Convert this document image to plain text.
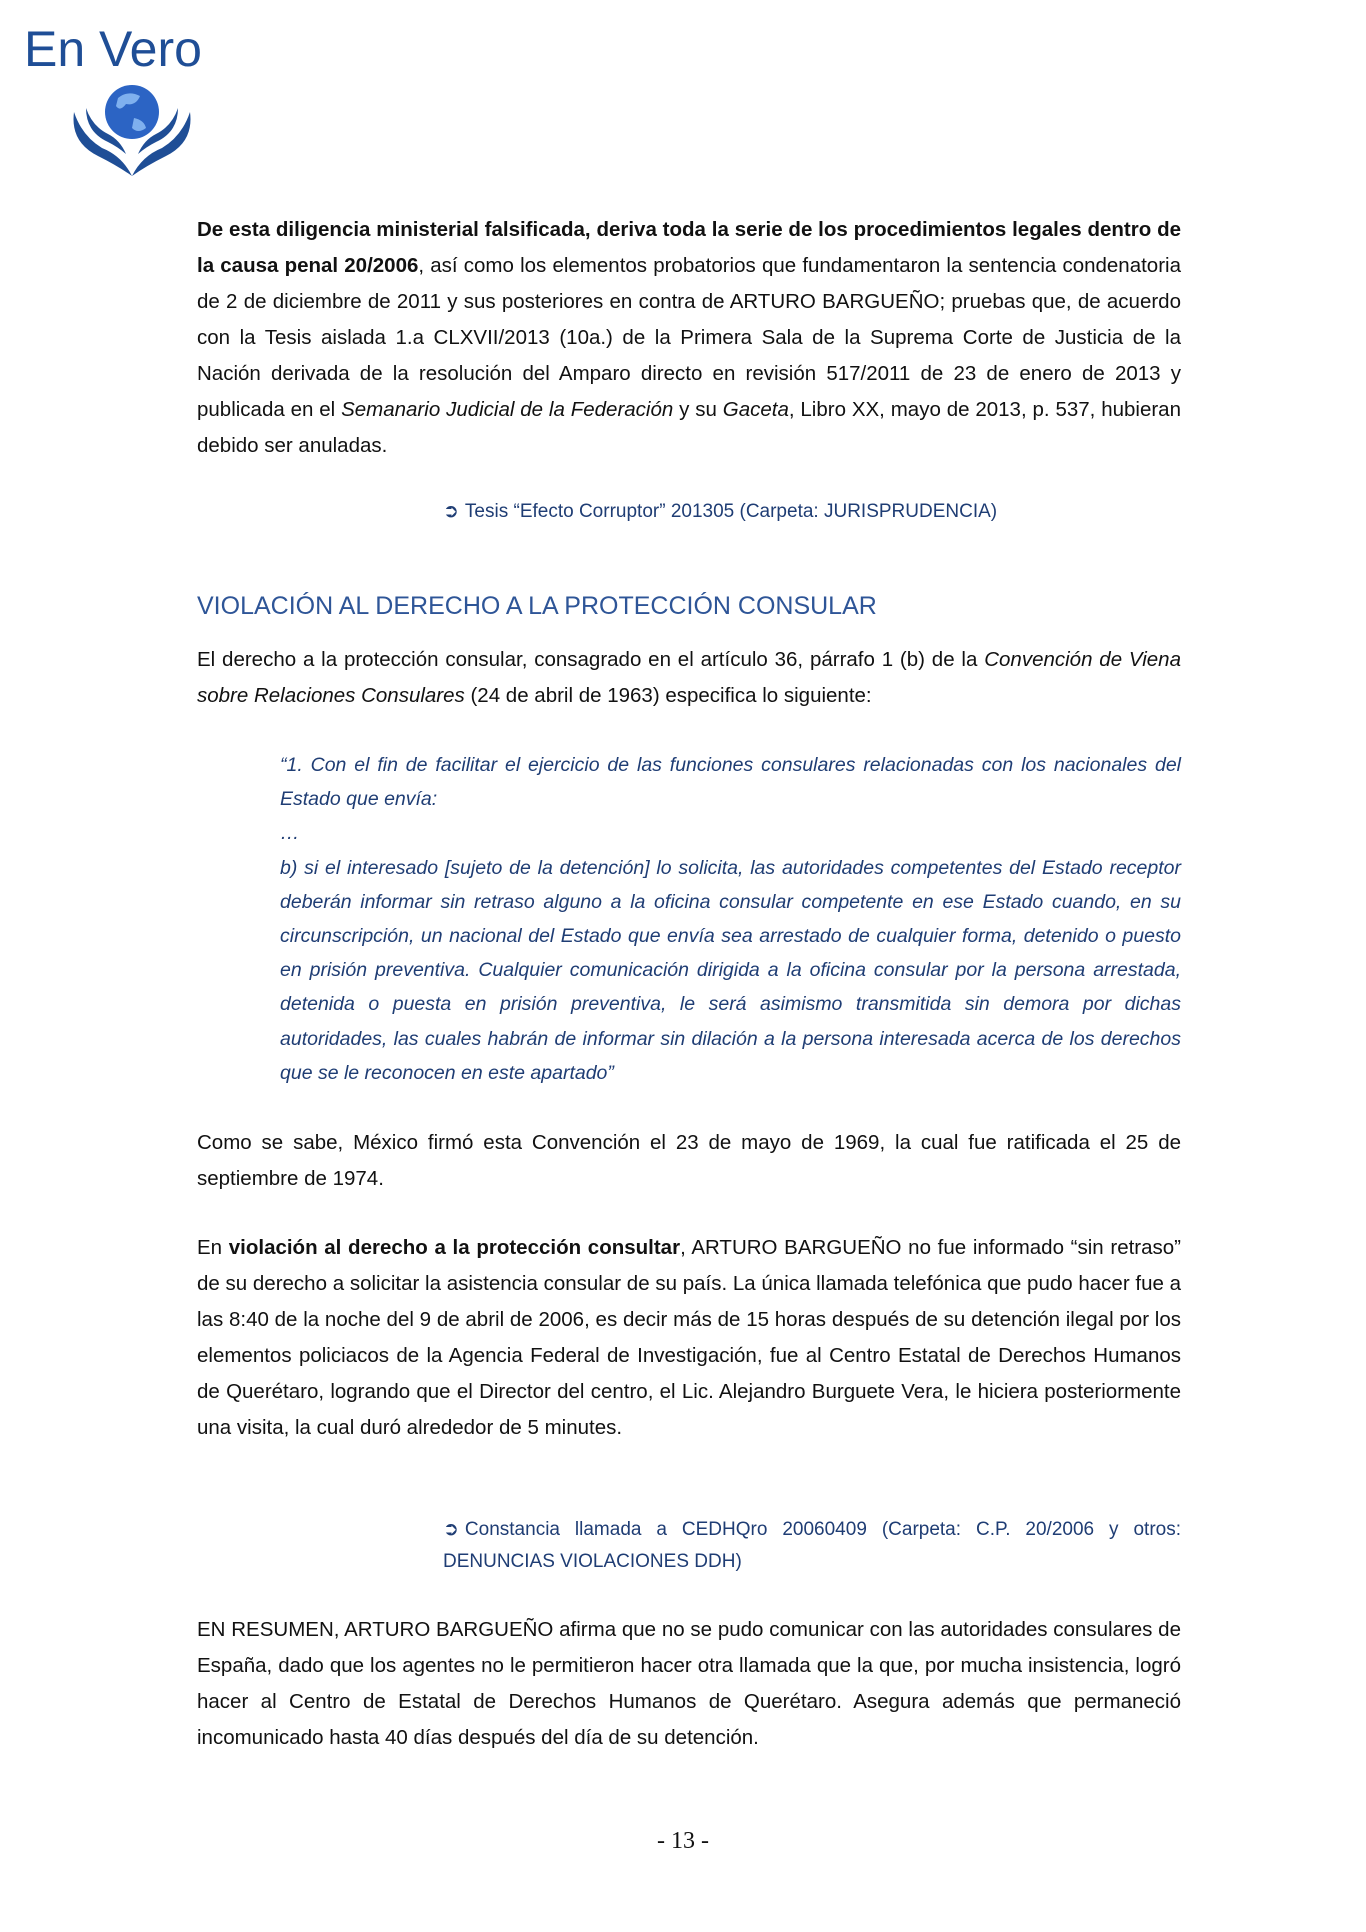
En Vero

De esta diligencia ministerial falsificada, deriva toda la serie de los procedimientos legales dentro de la causa penal 20/2006, así como los elementos probatorios que fundamentaron la sentencia condenatoria de 2 de diciembre de 2011 y sus posteriores en contra de ARTURO BARGUEÑO; pruebas que, de acuerdo con la Tesis aislada 1.a CLXVII/2013 (10a.) de la Primera Sala de la Suprema Corte de Justicia de la Nación derivada de la resolución del Amparo directo en revisión 517/2011 de 23 de enero de 2013 y publicada en el Semanario Judicial de la Federación y su Gaceta, Libro XX, mayo de 2013, p. 537, hubieran debido ser anuladas.

➲ Tesis “Efecto Corruptor” 201305 (Carpeta: JURISPRUDENCIA)
VIOLACIÓN AL DERECHO A LA PROTECCIÓN CONSULAR

El derecho a la protección consular, consagrado en el artículo 36, párrafo 1 (b) de la Convención de Viena sobre Relaciones Consulares (24 de abril de 1963) especifica lo siguiente:

“1. Con el fin de facilitar el ejercicio de las funciones consulares relacionadas con los nacionales del Estado que envía:

…

b) si el interesado [sujeto de la detención] lo solicita, las autoridades competentes del Estado receptor deberán informar sin retraso alguno a la oficina consular competente en ese Estado cuando, en su circunscripción, un nacional del Estado que envía sea arrestado de cualquier forma, detenido o puesto en prisión preventiva. Cualquier comunicación dirigida a la oficina consular por la persona arrestada, detenida o puesta en prisión preventiva, le será asimismo transmitida sin demora por dichas autoridades, las cuales habrán de informar sin dilación a la persona interesada acerca de los derechos que se le reconocen en este apartado”

Como se sabe, México firmó esta Convención el 23 de mayo de 1969, la cual fue ratificada el 25 de septiembre de 1974.

En violación al derecho a la protección consultar, ARTURO BARGUEÑO no fue informado “sin retraso” de su derecho a solicitar la asistencia consular de su país. La única llamada telefónica que pudo hacer fue a las 8:40 de la noche del 9 de abril de 2006, es decir más de 15 horas después de su detención ilegal por los elementos policiacos de la Agencia Federal de Investigación, fue al Centro Estatal de Derechos Humanos de Querétaro, logrando que el Director del centro, el Lic. Alejandro Burguete Vera, le hiciera posteriormente una visita, la cual duró alrededor de 5 minutes.

➲ Constancia llamada a CEDHQro 20060409 (Carpeta: C.P. 20/2006 y otros: DENUNCIAS VIOLACIONES DDH)

EN RESUMEN, ARTURO BARGUEÑO afirma que no se pudo comunicar con las autoridades consulares de España, dado que los agentes no le permitieron hacer otra llamada que la que, por mucha insistencia, logró hacer al Centro de Estatal de Derechos Humanos de Querétaro. Asegura además que permaneció incomunicado hasta 40 días después del día de su detención.

- 13 -
